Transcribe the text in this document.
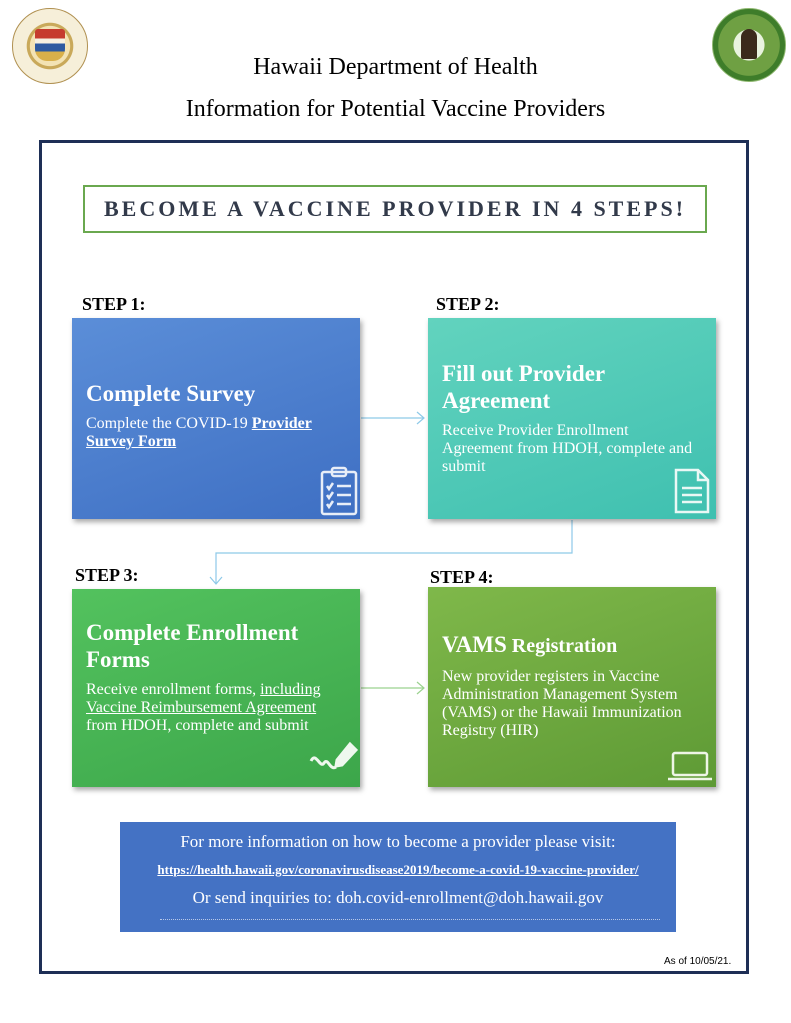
Hawaii Department of Health
Information for Potential Vaccine Providers
BECOME A VACCINE PROVIDER IN 4 STEPS!
STEP 1:	STEP 2:
STEP 3:	STEP 4:
Complete Survey
Complete the COVID-19 Provider Survey Form
Fill out Provider Agreement
Receive Provider Enrollment Agreement from HDOH, complete and submit
Complete Enrollment Forms
Receive enrollment forms, including Vaccine Reimbursement Agreement from HDOH, complete and submit
VAMS Registration
New provider registers in Vaccine Administration Management System (VAMS) or the Hawaii Immunization Registry (HIR)
For more information on how to become a provider please visit:
https://health.hawaii.gov/coronavirusdisease2019/become-a-covid-19-vaccine-provider/
Or send inquiries to: doh.covid-enrollment@doh.hawaii.gov
As of 10/05/21.
